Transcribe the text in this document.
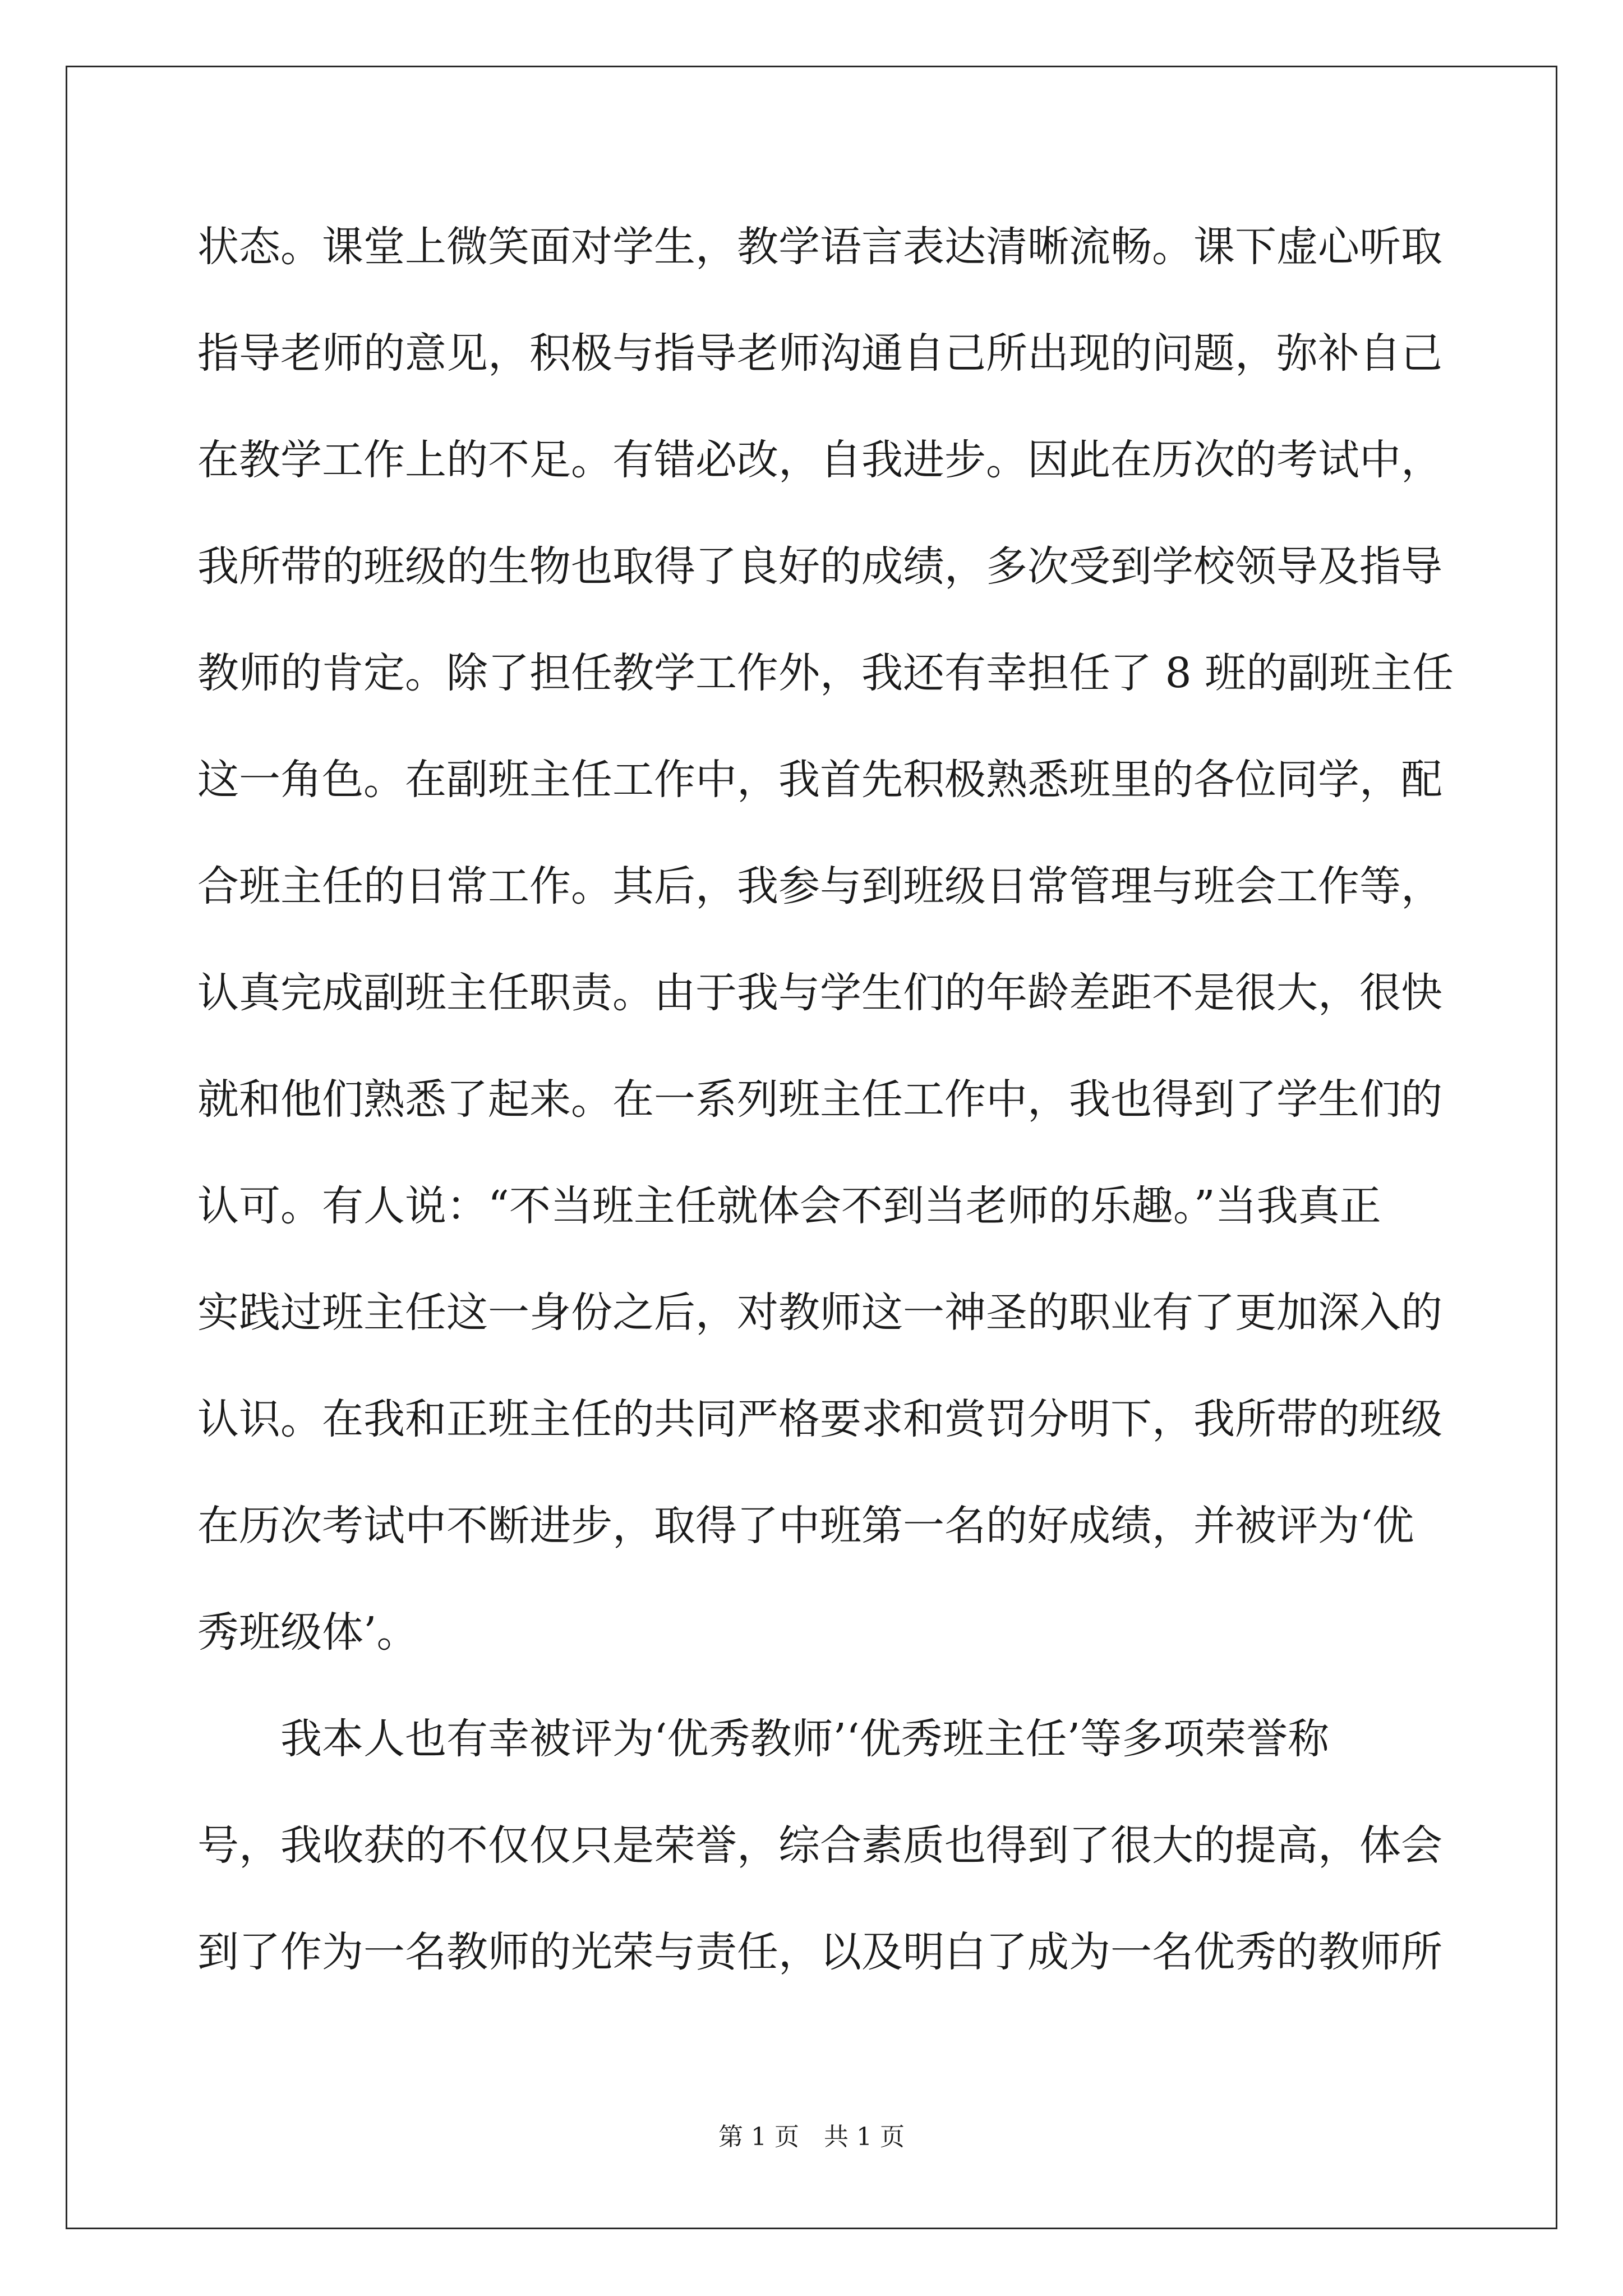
状态。课堂上微笑面对学生，教学语言表达清晰流畅。课下虚心听取
指导老师的意见，积极与指导老师沟通自己所出现的问题，弥补自己
在教学工作上的不足。有错必改，自我进步。因此在历次的考试中，
我所带的班级的生物也取得了良好的成绩，多次受到学校领导及指导
教师的肯定。除了担任教学工作外，我还有幸担任了 8 班的副班主任
这一角色。在副班主任工作中，我首先积极熟悉班里的各位同学，配
合班主任的日常工作。其后，我参与到班级日常管理与班会工作等，
认真完成副班主任职责。由于我与学生们的年龄差距不是很大，很快
就和他们熟悉了起来。在一系列班主任工作中，我也得到了学生们的
认可。有人说：“不当班主任就体会不到当老师的乐趣。”当我真正
实践过班主任这一身份之后，对教师这一神圣的职业有了更加深入的
认识。在我和正班主任的共同严格要求和赏罚分明下，我所带的班级
在历次考试中不断进步，取得了中班第一名的好成绩，并被评为‘优
秀班级体’。
我本人也有幸被评为‘优秀教师’‘优秀班主任’等多项荣誉称
号，我收获的不仅仅只是荣誉，综合素质也得到了很大的提高，体会
到了作为一名教师的光荣与责任，以及明白了成为一名优秀的教师所
第 1 页　共 1 页
